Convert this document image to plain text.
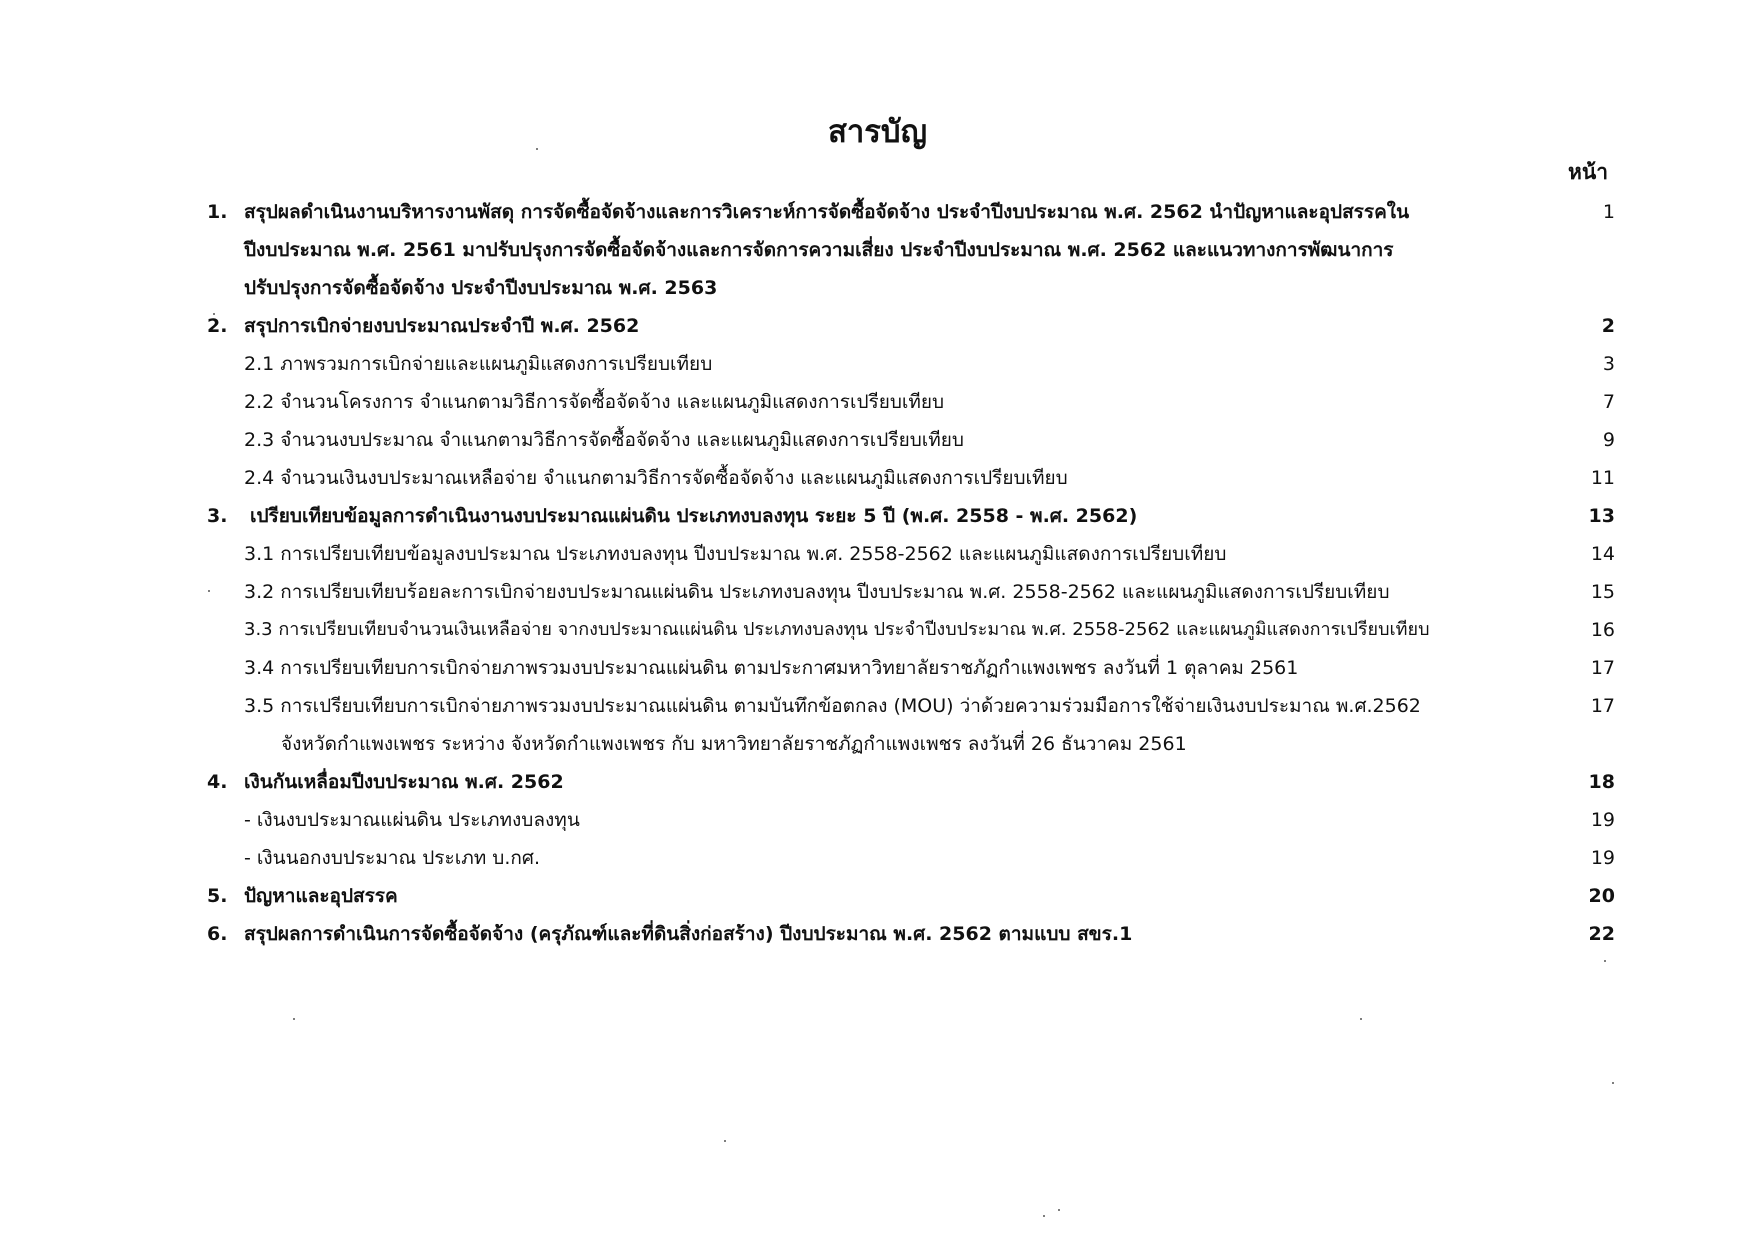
สารบัญ
หน้า
1. สรุปผลดำเนินงานบริหารงานพัสดุ การจัดซื้อจัดจ้างและการวิเคราะห์การจัดซื้อจัดจ้าง ประจำปีงบประมาณ พ.ศ. 2562 นำปัญหาและอุปสรรคใน	1
ปีงบประมาณ พ.ศ. 2561 มาปรับปรุงการจัดซื้อจัดจ้างและการจัดการความเสี่ยง ประจำปีงบประมาณ พ.ศ. 2562 และแนวทางการพัฒนาการ
ปรับปรุงการจัดซื้อจัดจ้าง ประจำปีงบประมาณ พ.ศ. 2563
2. สรุปการเบิกจ่ายงบประมาณประจำปี พ.ศ. 2562	2
2.1 ภาพรวมการเบิกจ่ายและแผนภูมิแสดงการเปรียบเทียบ	3
2.2 จำนวนโครงการ จำแนกตามวิธีการจัดซื้อจัดจ้าง และแผนภูมิแสดงการเปรียบเทียบ	7
2.3 จำนวนงบประมาณ จำแนกตามวิธีการจัดซื้อจัดจ้าง และแผนภูมิแสดงการเปรียบเทียบ	9
2.4 จำนวนเงินงบประมาณเหลือจ่าย จำแนกตามวิธีการจัดซื้อจัดจ้าง และแผนภูมิแสดงการเปรียบเทียบ	11
3. เปรียบเทียบข้อมูลการดำเนินงานงบประมาณแผ่นดิน ประเภทงบลงทุน ระยะ 5 ปี (พ.ศ. 2558 - พ.ศ. 2562)	13
3.1 การเปรียบเทียบข้อมูลงบประมาณ ประเภทงบลงทุน ปีงบประมาณ พ.ศ. 2558-2562 และแผนภูมิแสดงการเปรียบเทียบ	14
3.2 การเปรียบเทียบร้อยละการเบิกจ่ายงบประมาณแผ่นดิน ประเภทงบลงทุน ปีงบประมาณ พ.ศ. 2558-2562 และแผนภูมิแสดงการเปรียบเทียบ	15
3.3 การเปรียบเทียบจำนวนเงินเหลือจ่าย จากงบประมาณแผ่นดิน ประเภทงบลงทุน ประจำปีงบประมาณ พ.ศ. 2558-2562 และแผนภูมิแสดงการเปรียบเทียบ	16
3.4 การเปรียบเทียบการเบิกจ่ายภาพรวมงบประมาณแผ่นดิน ตามประกาศมหาวิทยาลัยราชภัฏกำแพงเพชร ลงวันที่ 1 ตุลาคม 2561	17
3.5 การเปรียบเทียบการเบิกจ่ายภาพรวมงบประมาณแผ่นดิน ตามบันทึกข้อตกลง (MOU) ว่าด้วยความร่วมมือการใช้จ่ายเงินงบประมาณ พ.ศ.2562	17
จังหวัดกำแพงเพชร ระหว่าง จังหวัดกำแพงเพชร กับ มหาวิทยาลัยราชภัฏกำแพงเพชร ลงวันที่ 26 ธันวาคม 2561
4. เงินกันเหลื่อมปีงบประมาณ พ.ศ. 2562	18
- เงินงบประมาณแผ่นดิน ประเภทงบลงทุน	19
- เงินนอกงบประมาณ ประเภท บ.กศ.	19
5. ปัญหาและอุปสรรค	20
6. สรุปผลการดำเนินการจัดซื้อจัดจ้าง (ครุภัณฑ์และที่ดินสิ่งก่อสร้าง) ปีงบประมาณ พ.ศ. 2562 ตามแบบ สขร.1	22
